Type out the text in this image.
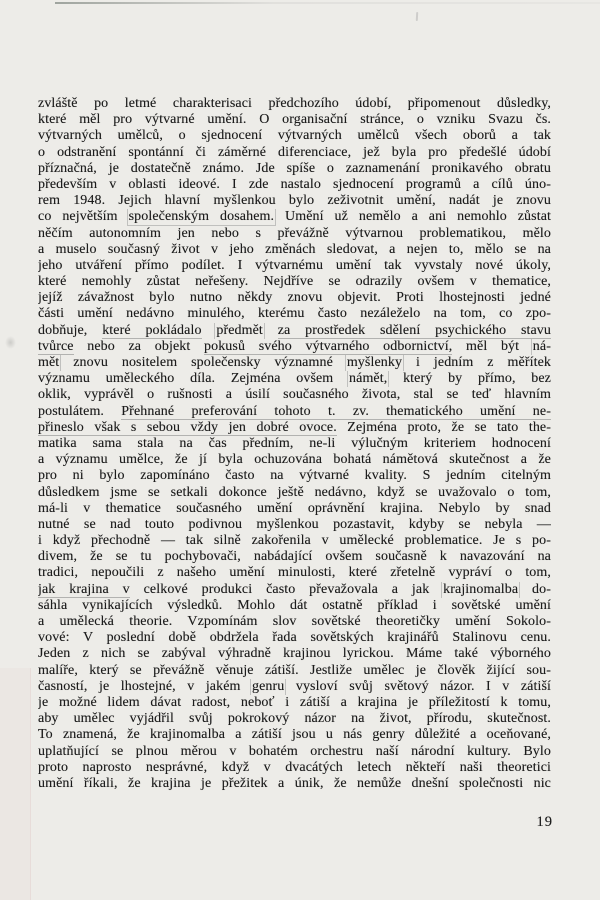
zvláště po letmé charakterisaci předchozího údobí, připomenout důsledky,
které měl pro výtvarné umění. O organisační stránce, o vzniku Svazu čs.
výtvarných umělců, o sjednocení výtvarných umělců všech oborů a tak
o odstranění spontánní či záměrné diferenciace, jež byla pro předešlé údobí
příznačná, je dostatečně známo. Jde spíše o zaznamenání pronikavého obratu
především v oblasti ideové. I zde nastalo sjednocení programů a cílů úno-
rem 1948. Jejich hlavní myšlenkou bylo zeživotnit umění, nadát je znovu
co největším společenským dosahem. Umění už nemělo a ani nemohlo zůstat
něčím autonomním jen nebo s převážně výtvarnou problematikou, mělo
a muselo současný život v jeho změnách sledovat, a nejen to, mělo se na
jeho utváření přímo podílet. I výtvarnému umění tak vyvstaly nové úkoly,
které nemohly zůstat neřešeny. Nejdříve se odrazily ovšem v thematice,
jejíž závažnost bylo nutno někdy znovu objevit. Proti lhostejnosti jedné
části umění nedávno minulého, kterému často nezáleželo na tom, co zpo-
dobňuje, které pokládalo předmět za prostředek sdělení psychického stavu
tvůrce nebo za objekt pokusů svého výtvarného odbornictví, měl být ná-
mět znovu nositelem společensky významné myšlenky i jedním z měřítek
významu uměleckého díla. Zejména ovšem námět, který by přímo, bez
oklik, vyprávěl o rušnosti a úsilí současného života, stal se teď hlavním
postulátem. Přehnané preferování tohoto t. zv. thematického umění ne-
přineslo však s sebou vždy jen dobré ovoce. Zejména proto, že se tato the-
matika sama stala na čas předním, ne-li výlučným kriteriem hodnocení
a významu umělce, že jí byla ochuzována bohatá námětová skutečnost a že
pro ni bylo zapomínáno často na výtvarné kvality. S jedním citelným
důsledkem jsme se setkali dokonce ještě nedávno, když se uvažovalo o tom,
má-li v thematice současného umění oprávnění krajina. Nebylo by snad
nutné se nad touto podivnou myšlenkou pozastavit, kdyby se nebyla —
i když přechodně — tak silně zakořenila v umělecké problematice. Je s po-
divem, že se tu pochybovači, nabádající ovšem současně k navazování na
tradici, nepoučili z našeho umění minulosti, které zřetelně vypráví o tom,
jak krajina v celkové produkci často převažovala a jak krajinomalba do-
sáhla vynikajících výsledků. Mohlo dát ostatně příklad i sovětské umění
a umělecká theorie. Vzpomínám slov sovětské theoretičky umění Sokolo-
vové: V poslední době obdržela řada sovětských krajinářů Stalinovu cenu.
Jeden z nich se zabýval výhradně krajinou lyrickou. Máme také výborného
malíře, který se převážně věnuje zátiší. Jestliže umělec je člověk žijící sou-
časností, je lhostejné, v jakém genru vysloví svůj světový názor. I v zátiší
je možné lidem dávat radost, neboť i zátiší a krajina je příležitostí k tomu,
aby umělec vyjádřil svůj pokrokový názor na život, přírodu, skutečnost.
To znamená, že krajinomalba a zátiší jsou u nás genry důležité a oceňované,
uplatňující se plnou měrou v bohatém orchestru naší národní kultury. Bylo
proto naprosto nesprávné, když v dvacátých letech někteří naši theoretici
umění říkali, že krajina je přežitek a únik, že nemůže dnešní společnosti nic
19
